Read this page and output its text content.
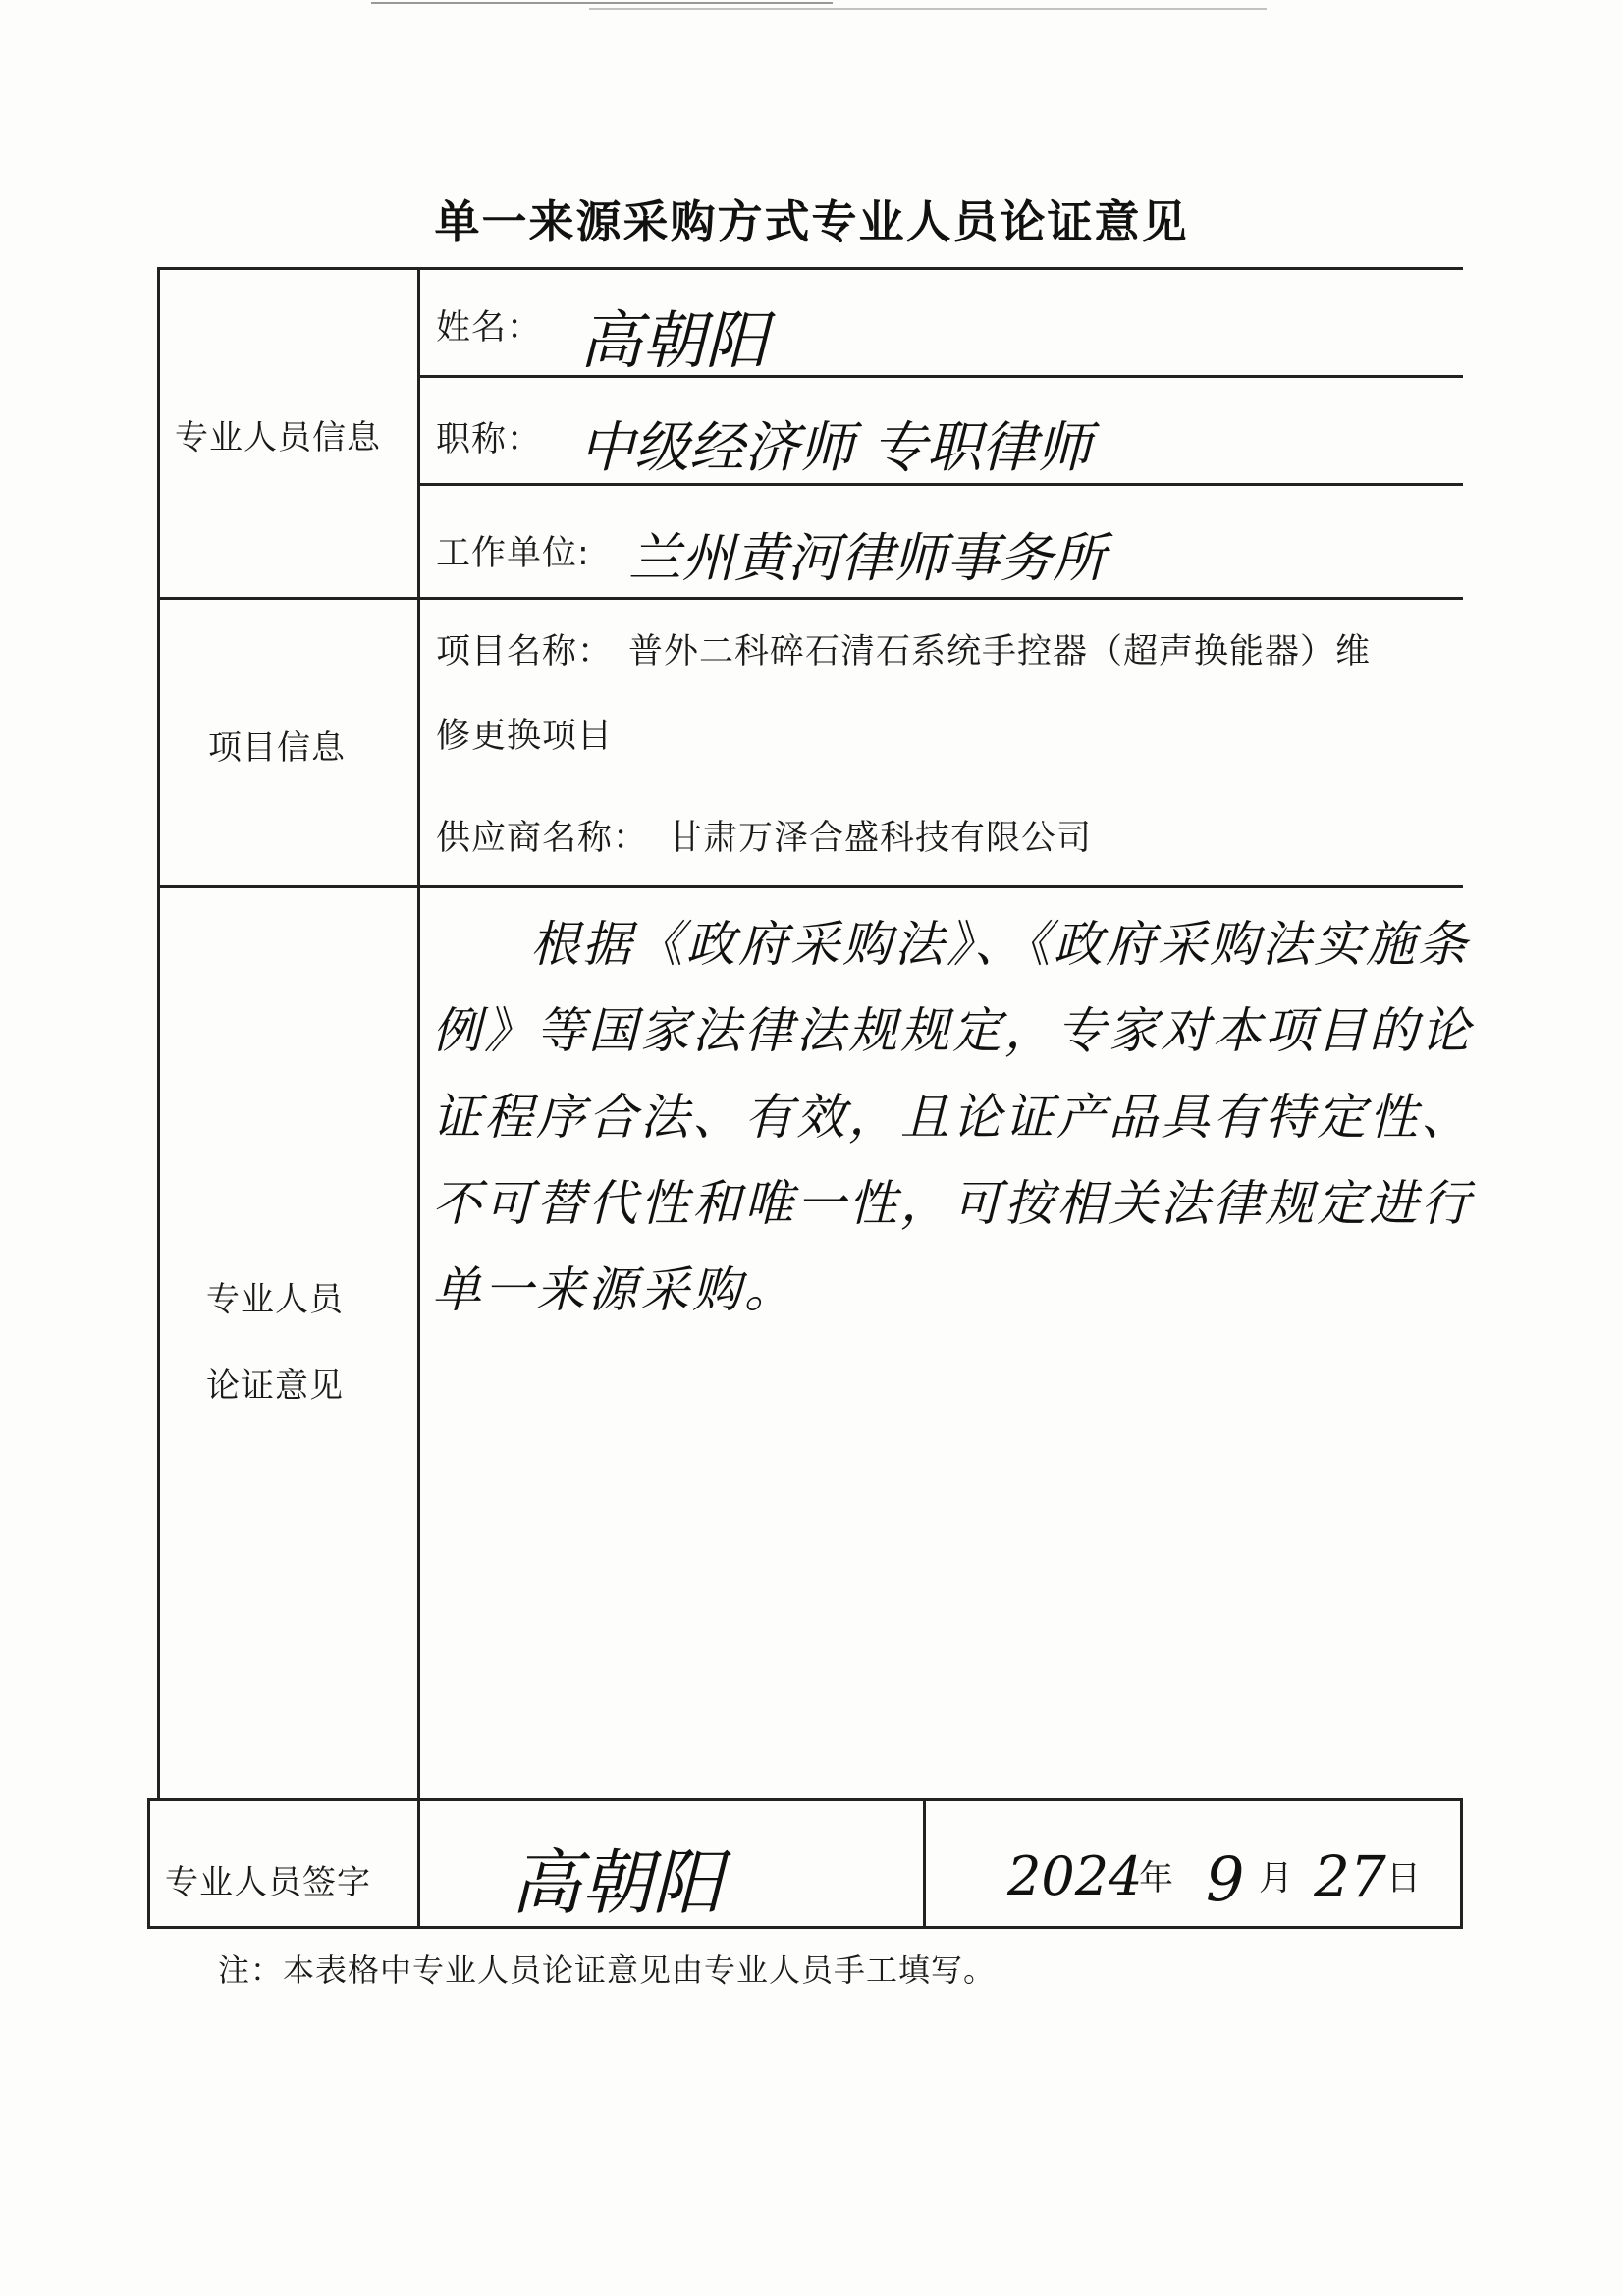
单一来源采购方式专业人员论证意见
专业人员信息
项目信息
专业人员
论证意见
专业人员签字
姓名： 高朝阳
职称： 中级经济师 专职律师
工作单位: 兰州黄河律师事务所
项目名称： 普外二科碎石清石系统手控器（超声换能器）维
修更换项目
供应商名称： 甘肃万泽合盛科技有限公司
根据《政府采购法》、《政府采购法实施条例》等国家法律法规规定，专家对本项目的论证程序合法、有效，且论证产品具有特定性、不可替代性和唯一性，可按相关法律规定进行单一来源采购。
高朝阳	2024
年 9 月 27 日
注：本表格中专业人员论证意见由专业人员手工填写。
